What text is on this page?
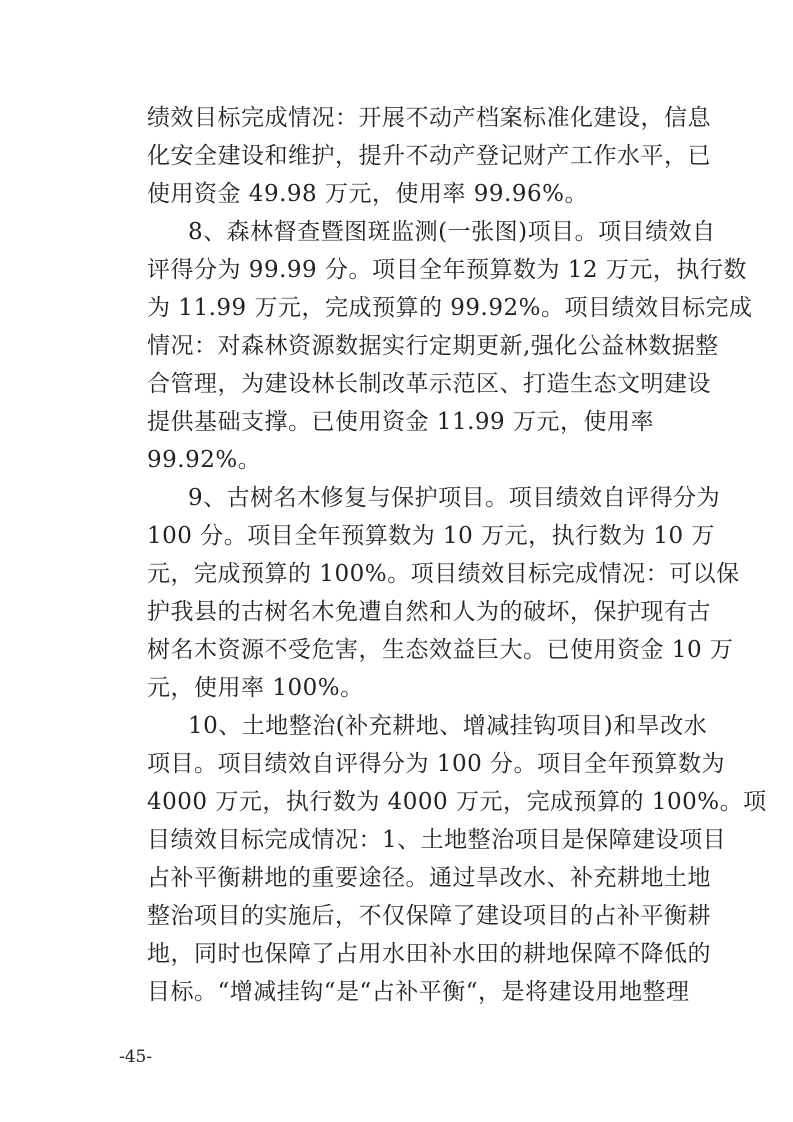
绩效目标完成情况：开展不动产档案标准化建设，信息
化安全建设和维护，提升不动产登记财产工作水平，已
使用资金 49.98 万元，使用率 99.96%。
8、森林督查暨图斑监测(一张图)项目。项目绩效自
评得分为 99.99 分。项目全年预算数为 12 万元，执行数
为 11.99 万元，完成预算的 99.92%。项目绩效目标完成
情况：对森林资源数据实行定期更新,强化公益林数据整
合管理，为建设林长制改革示范区、打造生态文明建设
提供基础支撑。已使用资金 11.99 万元，使用率
99.92%。
9、古树名木修复与保护项目。项目绩效自评得分为
100 分。项目全年预算数为 10 万元，执行数为 10 万
元，完成预算的 100%。项目绩效目标完成情况：可以保
护我县的古树名木免遭自然和人为的破坏，保护现有古
树名木资源不受危害，生态效益巨大。已使用资金 10 万
元，使用率 100%。
10、土地整治(补充耕地、增减挂钩项目)和旱改水
项目。项目绩效自评得分为 100 分。项目全年预算数为
4000 万元，执行数为 4000 万元，完成预算的 100%。项
目绩效目标完成情况：1、土地整治项目是保障建设项目
占补平衡耕地的重要途径。通过旱改水、补充耕地土地
整治项目的实施后，不仅保障了建设项目的占补平衡耕
地，同时也保障了占用水田补水田的耕地保障不降低的
目标。“增减挂钩“是“占补平衡“，是将建设用地整理
-45-
